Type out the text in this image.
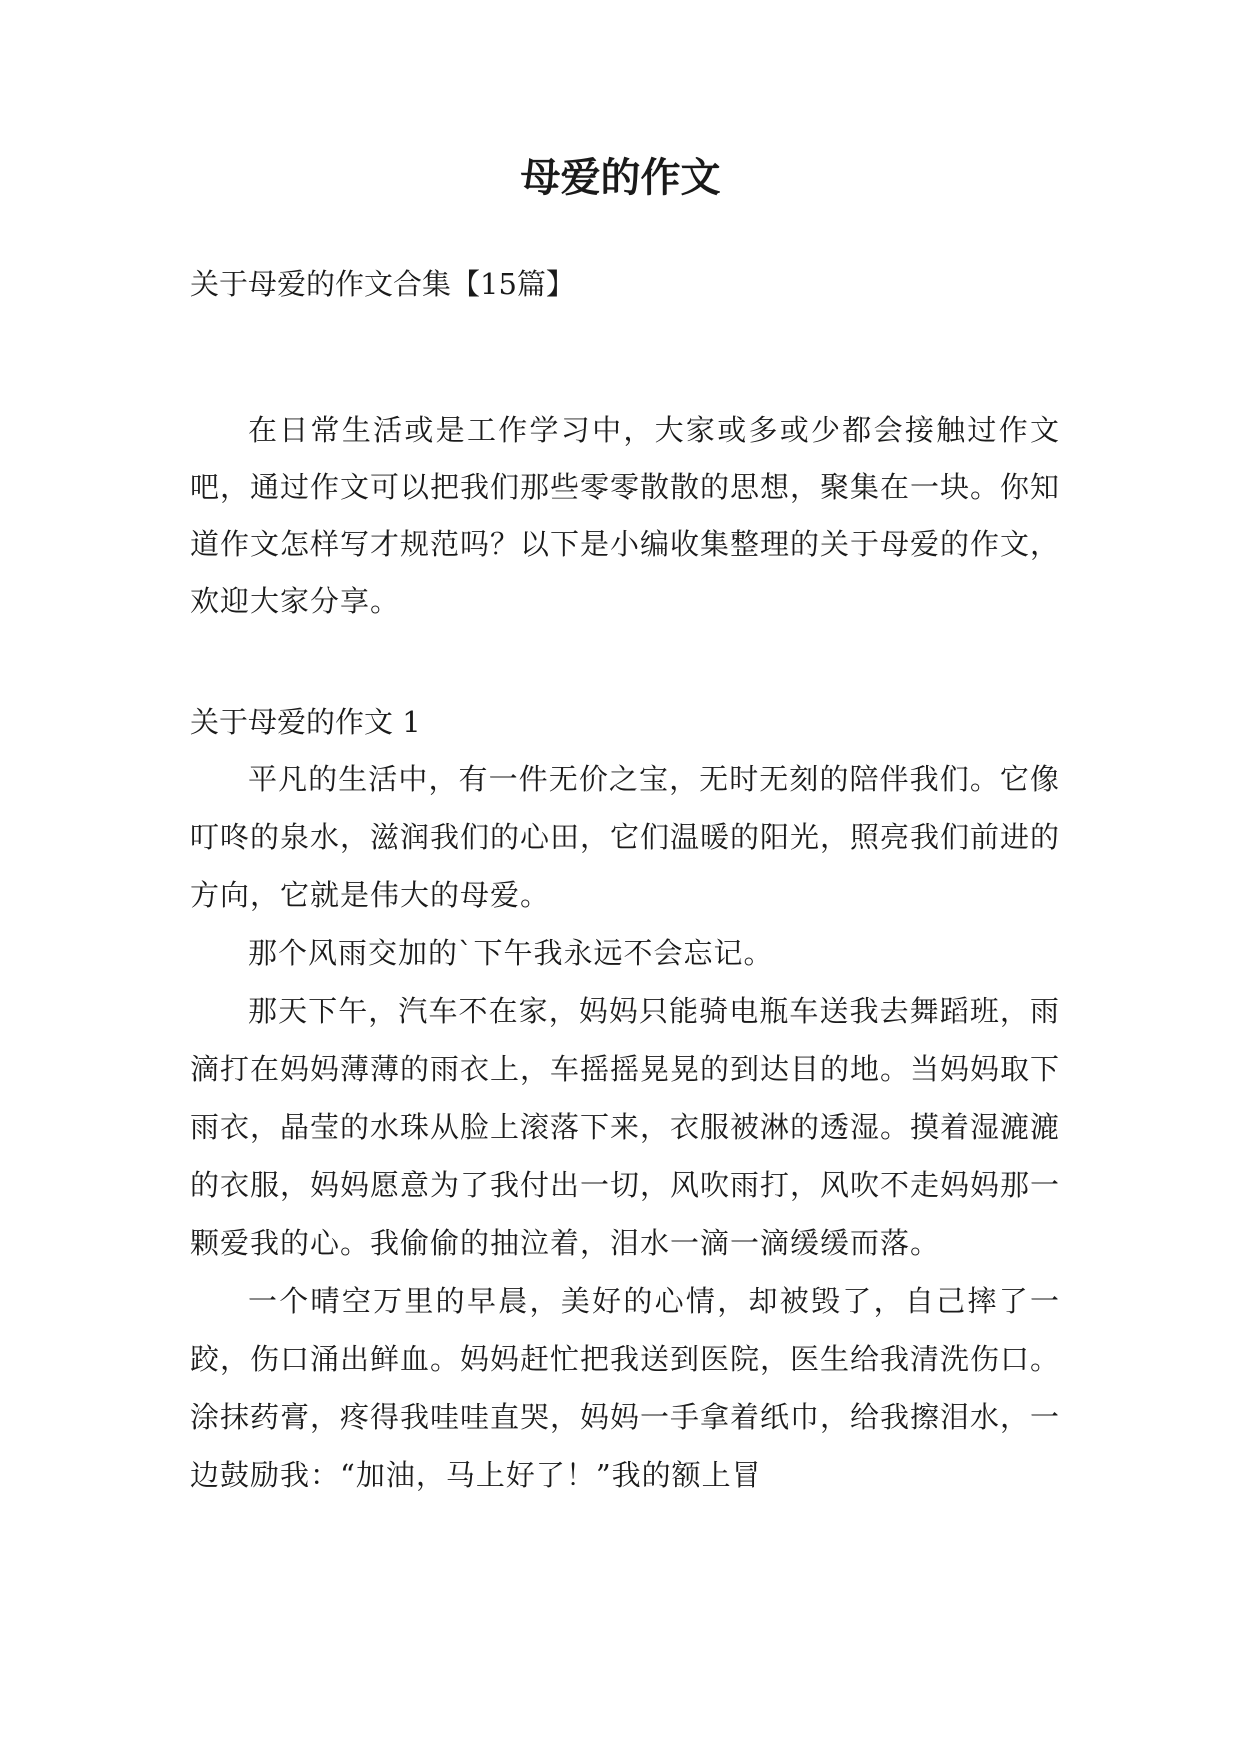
母爱的作文
关于母爱的作文合集【15篇】

在日常生活或是工作学习中，大家或多或少都会接触过作文吧，通过作文可以把我们那些零零散散的思想，聚集在一块。你知道作文怎样写才规范吗？以下是小编收集整理的关于母爱的作文，欢迎大家分享。

关于母爱的作文 1

平凡的生活中，有一件无价之宝，无时无刻的陪伴我们。它像叮咚的泉水，滋润我们的心田，它们温暖的阳光，照亮我们前进的方向，它就是伟大的母爱。

那个风雨交加的`下午我永远不会忘记。

那天下午，汽车不在家，妈妈只能骑电瓶车送我去舞蹈班，雨滴打在妈妈薄薄的雨衣上，车摇摇晃晃的到达目的地。当妈妈取下雨衣，晶莹的水珠从脸上滚落下来，衣服被淋的透湿。摸着湿漉漉的衣服，妈妈愿意为了我付出一切，风吹雨打，风吹不走妈妈那一颗爱我的心。我偷偷的抽泣着，泪水一滴一滴缓缓而落。

一个晴空万里的早晨，美好的心情，却被毁了，自己摔了一跤，伤口涌出鲜血。妈妈赶忙把我送到医院，医生给我清洗伤口。涂抹药膏，疼得我哇哇直哭，妈妈一手拿着纸巾，给我擦泪水，一边鼓励我：“加油，马上好了！”我的额上冒
